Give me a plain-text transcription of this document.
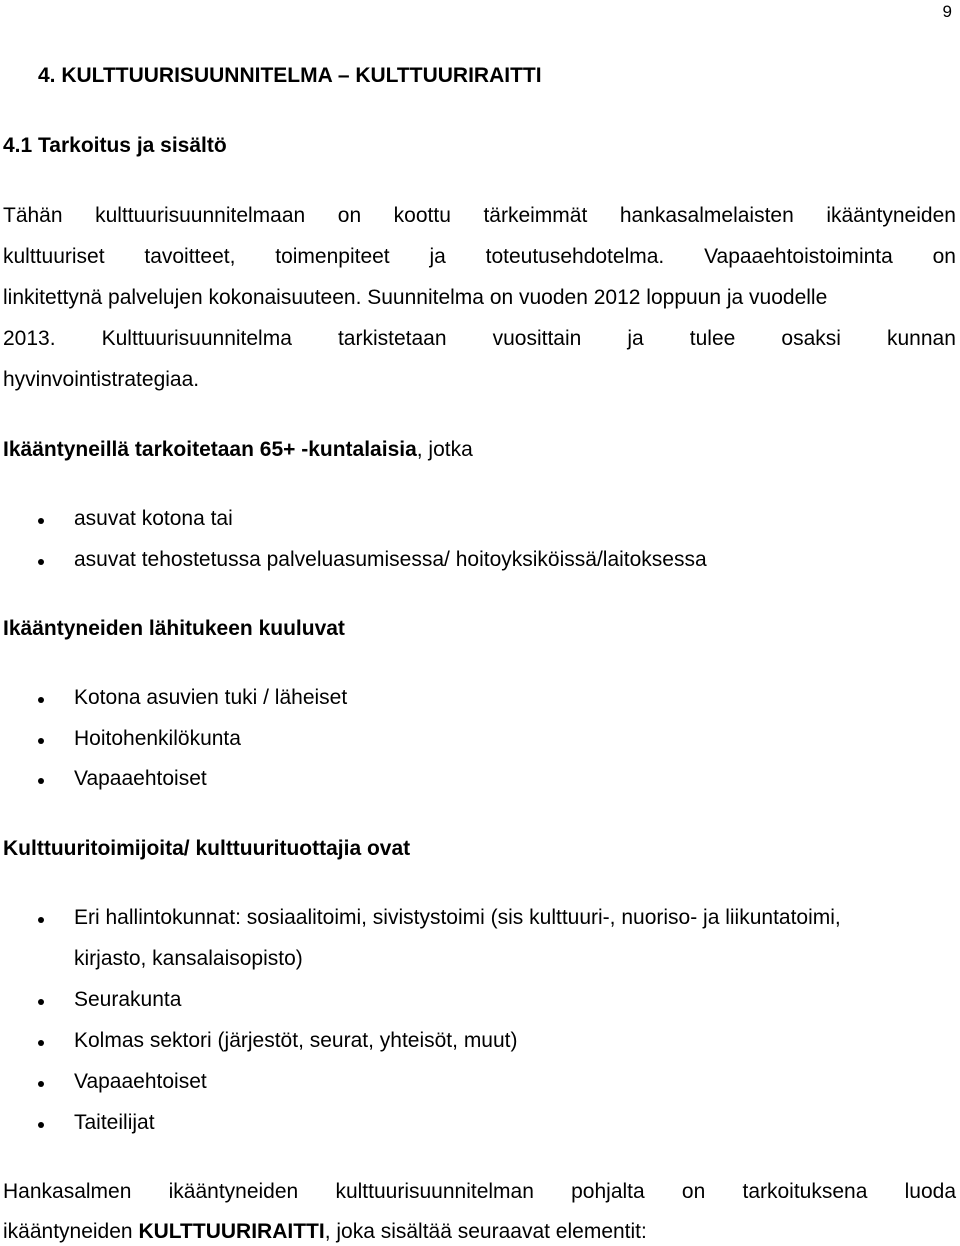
9
4. KULTTUURISUUNNITELMA – KULTTUURIRAITTI
4.1 Tarkoitus ja sisältö
Tähän kulttuurisuunnitelmaan on koottu tärkeimmät hankasalmelaisten ikääntyneiden
kulttuuriset tavoitteet, toimenpiteet ja toteutusehdotelma. Vapaaehtoistoiminta on
linkitettynä palvelujen kokonaisuuteen. Suunnitelma on vuoden 2012 loppuun ja vuodelle
2013. Kulttuurisuunnitelma tarkistetaan vuosittain ja tulee osaksi kunnan
hyvinvointistrategiaa.
Ikääntyneillä tarkoitetaan 65+ -kuntalaisia, jotka
asuvat kotona tai
asuvat tehostetussa palveluasumisessa/ hoitoyksiköissä/laitoksessa
Ikääntyneiden lähitukeen kuuluvat
Kotona asuvien tuki / läheiset
Hoitohenkilökunta
Vapaaehtoiset
Kulttuuritoimijoita/ kulttuurituottajia ovat
Eri hallintokunnat: sosiaalitoimi, sivistystoimi (sis kulttuuri-, nuoriso- ja liikuntatoimi,
kirjasto, kansalaisopisto)
Seurakunta
Kolmas sektori (järjestöt, seurat, yhteisöt, muut)
Vapaaehtoiset
Taiteilijat
Hankasalmen ikääntyneiden kulttuurisuunnitelman pohjalta on tarkoituksena luoda
ikääntyneiden KULTTUURIRAITTI, joka sisältää seuraavat elementit:
